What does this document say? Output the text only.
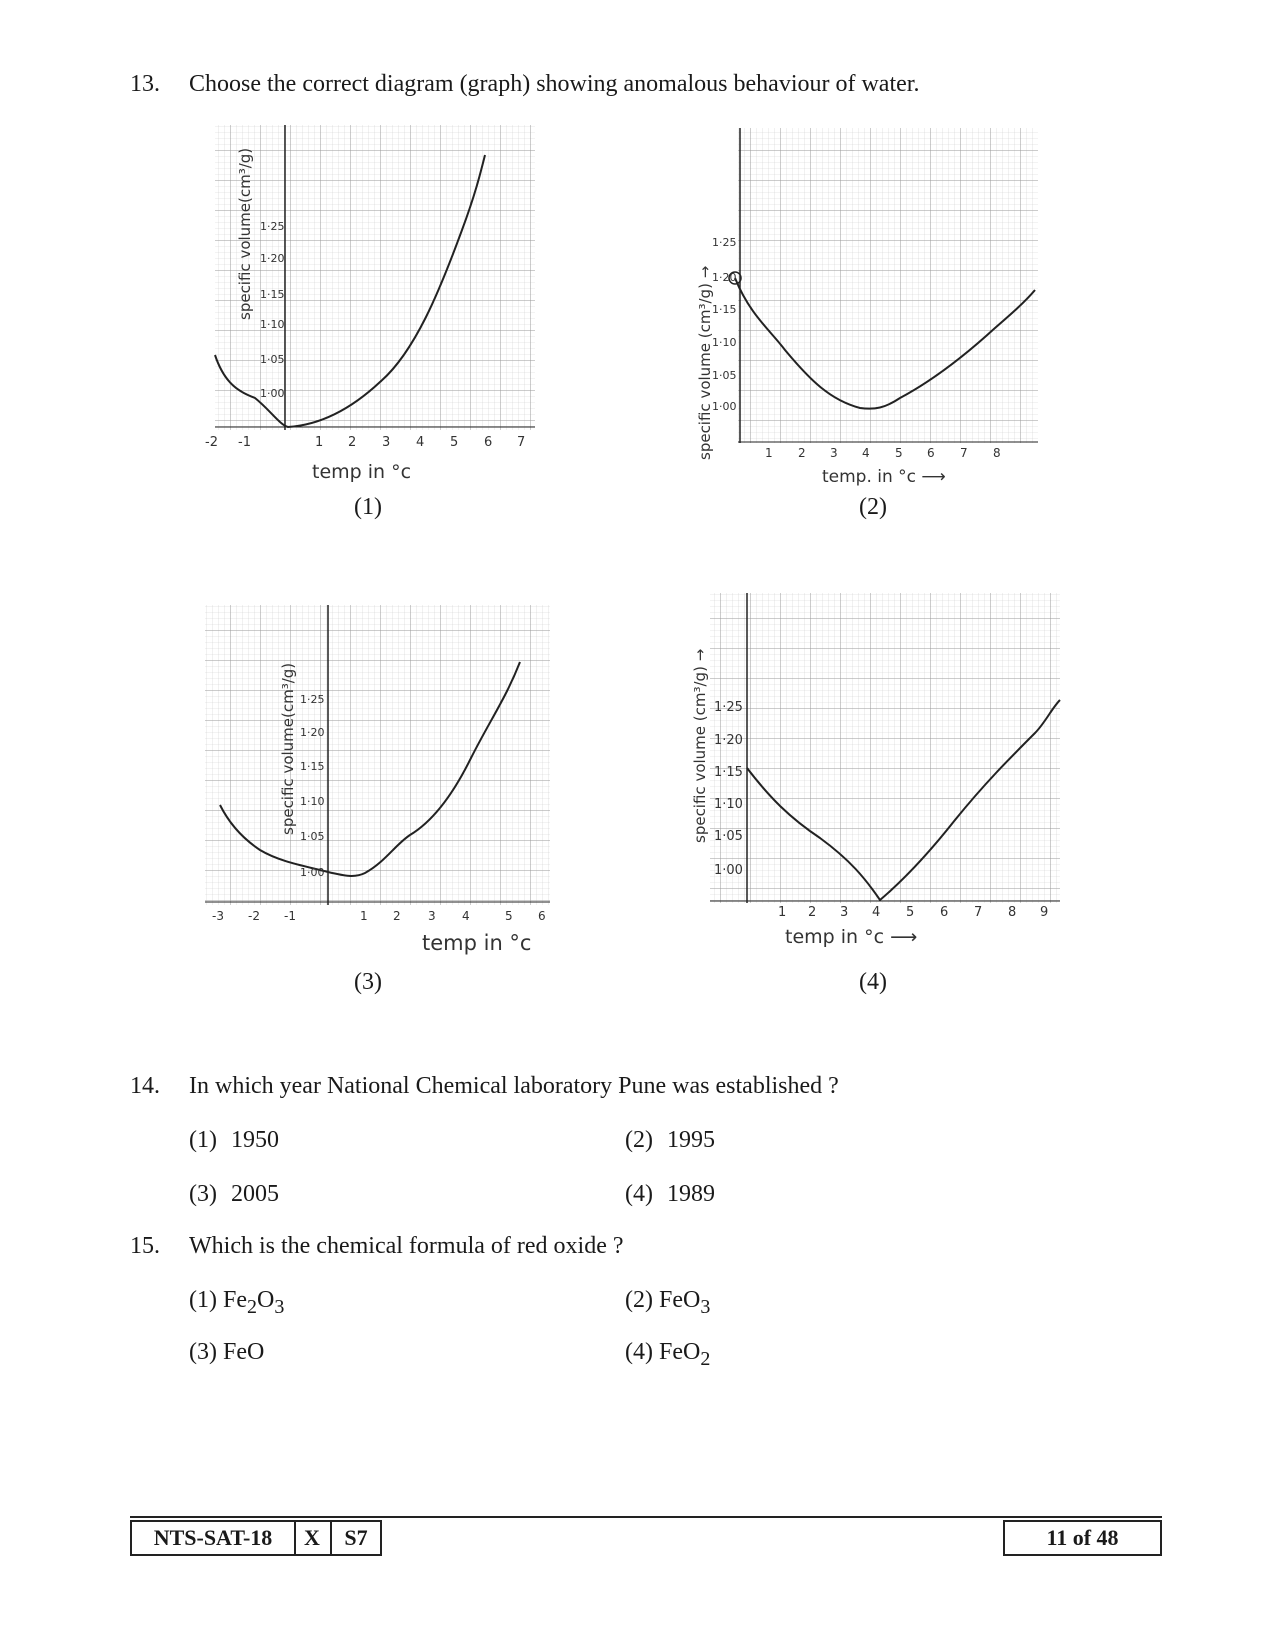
13. Choose the correct diagram (graph) showing anomalous behaviour of water.
specific volume(cm³/g) 1·25
1·20
1·15
1·10
1·05
1·00
-2 -1	1 2 3 4 5 6 7
temp in °c
(1)
specific volume (cm³/g) →
1·25
1·20
1·15
1·10
1·05
1·00
1 2 3 4 5 6 7 8
temp. in °c ⟶
(2)
specific volume(cm³/g) 1·25
1·20
1·15
1·10
1·05
1·00
-3 -2 -1	1 2 3 4	5 6
temp in °c
(3)
specific volume (cm³/g) → 1·25
1·20
1·15
1·10
1·05
1·00
1 2 3 4 5 6 7 8 9
temp in °c ⟶
(4)
14. In which year National Chemical laboratory Pune was established ?
(1) 1950	(2) 1995
(3) 2005	(4) 1989
15. Which is the chemical formula of red oxide ?
(1) $Fe_2O_3$	(2) FeO$_3$
(3) FeO	(4) FeO$_2$
NTS-SAT-18	X	S7	11 of 48
